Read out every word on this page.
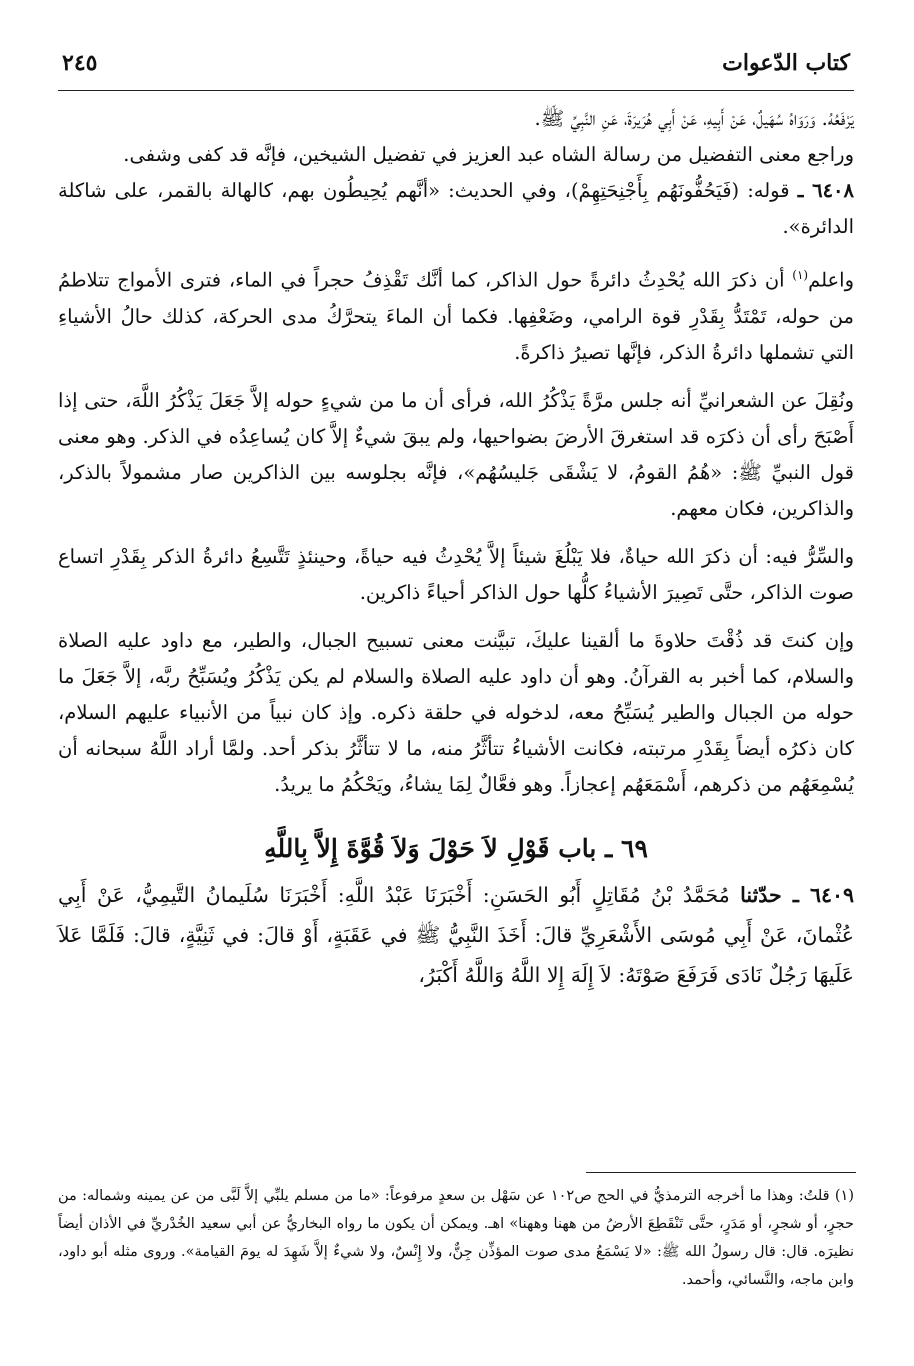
كتاب الدّعوات
٢٤٥

يَرْفَعُهُ. وَرَوَاهُ سُهَيلٌ، عَنْ أَبِيهِ، عَنْ أَبِي هُرَيرَةَ، عَنِ النَّبِيِّ ﷺ.

وراجع معنى التفضيل من رسالة الشاه عبد العزيز في تفضيل الشيخين، فإنَّه قد كفى وشفى.

٦٤٠٨ ـ قوله: (فَيَحُفُّونَهُم بِأَجْنِحَتِهِمْ)، وفي الحديث: «أنَّهم يُحِيطُون بهم، كالهالة بالقمر، على شاكلة الدائرة».

واعلم$^{(١)}$ أن ذكرَ الله يُحْدِثُ دائرةً حول الذاكر، كما أنَّك تَقْذِفُ حجراً في الماء، فترى الأمواج تتلاطمُ من حوله، تَمْتَدُّ بِقَدْرِ قوة الرامي، وضَعْفِها. فكما أن الماءَ يتحرَّكُ مدى الحركة، كذلك حالُ الأشياءِ التي تشملها دائرةُ الذكر، فإنَّها تصيرُ ذاكرةً.

ونُقِلَ عن الشعرانيِّ أنه جلس مرَّةً يَذْكُرُ الله، فرأى أن ما من شيءٍ حوله إلاَّ جَعَلَ يَذْكُرُ اللَّهَ، حتى إذا أَصْبَحَ رأى أن ذكرَه قد استغرقَ الأرضَ بضواحيها، ولم يبقَ شيءٌ إلاَّ كان يُساعِدُه في الذكر. وهو معنى قول النبيِّ ﷺ: «هُمُ القومُ، لا يَشْقَى جَليسُهُم»، فإنَّه بجلوسه بين الذاكرين صار مشمولاً بالذكر، والذاكرين، فكان معهم.

والسِّرُّ فيه: أن ذكرَ الله حياةٌ، فلا يَبْلُغَ شيئاً إلاَّ يُحْدِثُ فيه حياةً، وحينئذٍ تَتَّسِعُ دائرةُ الذكر بِقَدْرِ اتساع صوت الذاكر، حتَّى تَصِيرَ الأشياءُ كلُّها حول الذاكر أحياءً ذاكرين.

وإن كنتَ قد ذُقْتَ حلاوةَ ما ألقينا عليكَ، تبيَّنت معنى تسبيح الجبال، والطير، مع داود عليه الصلاة والسلام، كما أخبر به القرآنُ. وهو أن داود عليه الصلاة والسلام لم يكن يَذْكُرُ ويُسَبِّحُ ربَّه، إلاَّ جَعَلَ ما حوله من الجبال والطير يُسَبِّحُ معه، لدخوله في حلقة ذكره. وإذ كان نبياً من الأنبياء عليهم السلام، كان ذكرُه أيضاً بِقَدْرِ مرتبته، فكانت الأشياءُ تتأثَّرُ منه، ما لا تتأثَّرُ بذكر أحد. ولمَّا أراد اللَّهُ سبحانه أن يُسْمِعَهُم من ذكرهم، أَسْمَعَهُم إعجازاً. وهو فعَّالٌ لِمَا يشاءُ، ويَحْكُمُ ما يريدُ.

٦٩ ـ باب قَوْلِ لاَ حَوْلَ وَلاَ قُوَّةَ إِلاَّ بِاللَّهِ

٦٤٠٩ ـ حدّثنا مُحَمَّدُ بْنُ مُقَاتِلٍ أَبُو الحَسَنِ: أَخْبَرَنَا عَبْدُ اللَّهِ: أَخْبَرَنَا سُلَيمانُ التَّيمِيُّ، عَنْ أَبِي عُثْمانَ، عَنْ أَبِي مُوسَى الأَشْعَرِيِّ قالَ: أَخَذَ النَّبِيُّ ﷺ في عَقَبَةٍ، أَوْ قالَ: في ثَنِيَّةٍ، قالَ: فَلَمَّا عَلاَ عَلَيهَا رَجُلٌ نَادَى فَرَفَعَ صَوْتَهُ: لاَ إِلَهَ إِلا اللَّهُ وَاللَّهُ أَكْبَرُ،

(١) قلتُ: وهذا ما أخرجه الترمذيُّ في الحج ص١٠٢ عن سَهْل بن سعدٍ مرفوعاً: «ما من مسلم يلبِّي إلاَّ لَبَّى من عن يمينه وشماله: من حجرٍ، أو شجرٍ، أو مَدَرٍ، حتَّى تَنْقَطِعَ الأرضُ من ههنا وههنا» اهـ. ويمكن أن يكون ما رواه البخاريُّ عن أبي سعيد الخُدْريِّ في الأذان أيضاً نظيرَه. قال: قال رسولُ الله ﷺ: «لا يَسْمَعُ مدى صوت المؤذِّن جِنٌّ، ولا إِنْسٌ، ولا شيءٌ إلاَّ شَهِدَ له يومَ القيامة». وروى مثله أبو داود، وابن ماجه، والنَّسائي، وأحمد.
